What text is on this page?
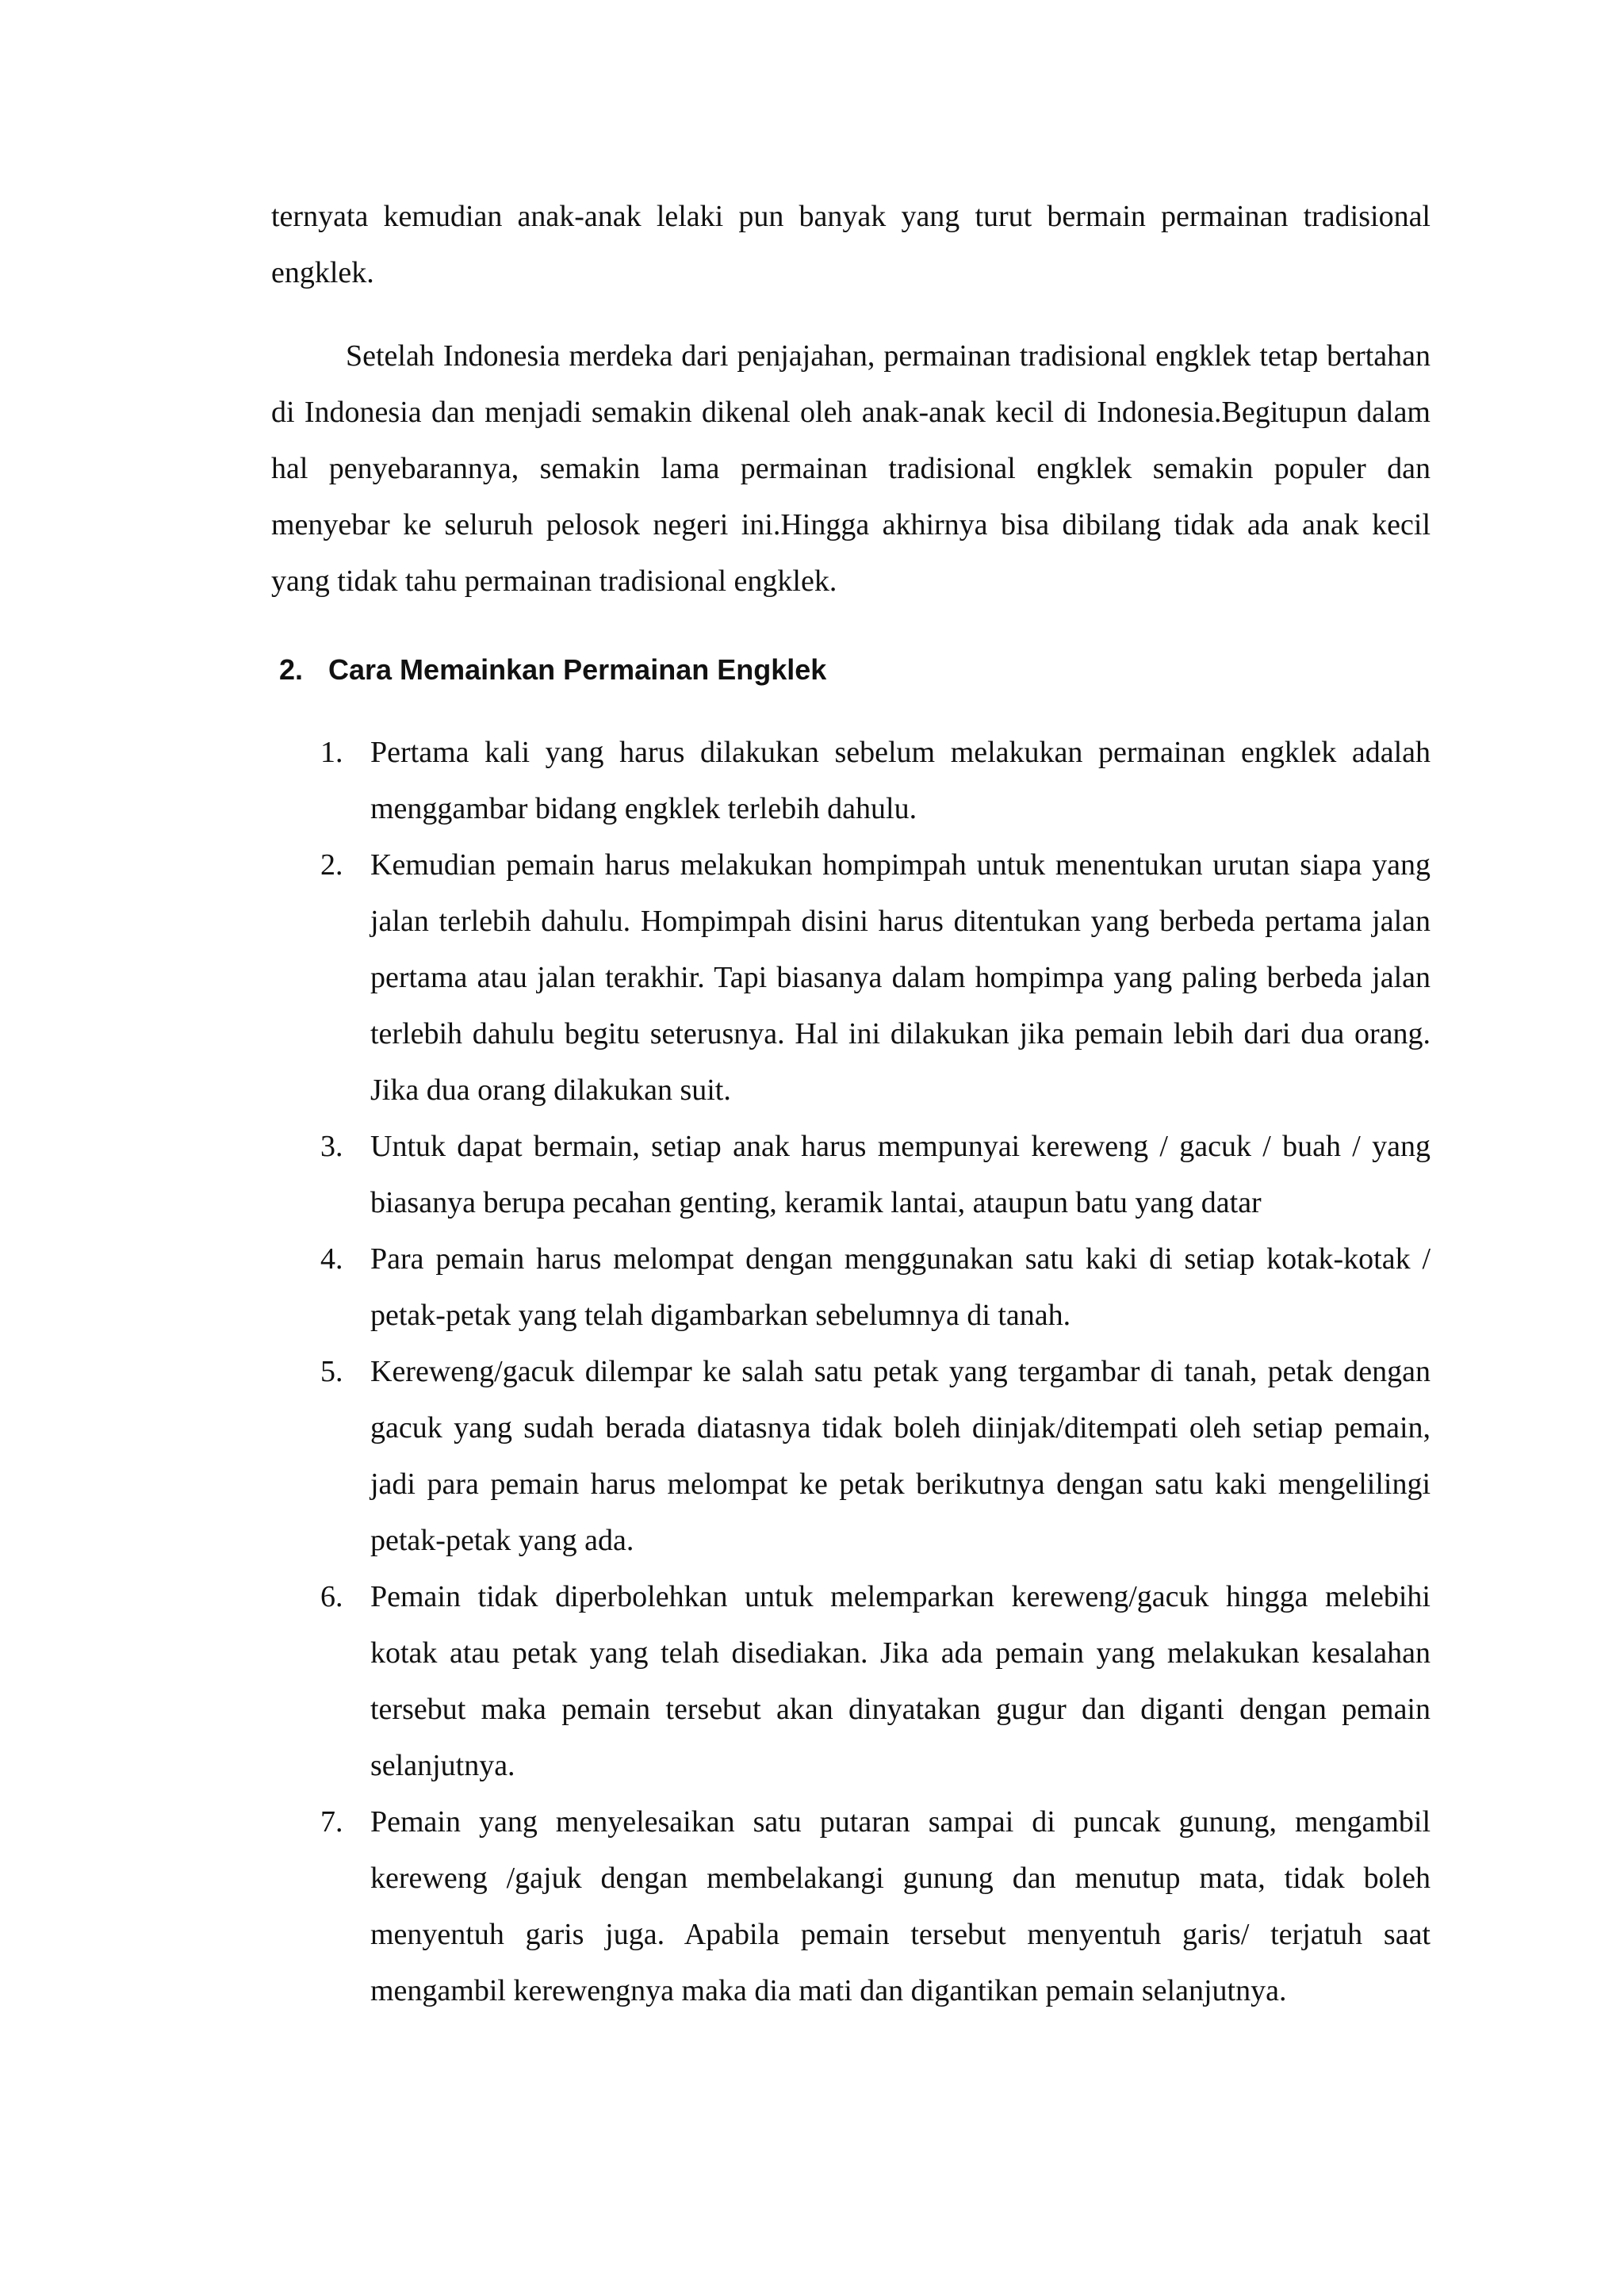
ternyata kemudian anak-anak lelaki pun banyak yang turut bermain permainan tradisional engklek.

Setelah Indonesia merdeka dari penjajahan, permainan tradisional engklek tetap bertahan di Indonesia dan menjadi semakin dikenal oleh anak-anak kecil di Indonesia.Begitupun dalam hal penyebarannya, semakin lama permainan tradisional engklek semakin populer dan menyebar ke seluruh pelosok negeri ini.Hingga akhirnya bisa dibilang tidak ada anak kecil yang tidak tahu permainan tradisional engklek.

2. Cara Memainkan Permainan Engklek
1. Pertama kali yang harus dilakukan sebelum melakukan permainan engklek adalah menggambar bidang engklek terlebih dahulu.
2. Kemudian pemain harus melakukan hompimpah untuk menentukan urutan siapa yang jalan terlebih dahulu. Hompimpah disini harus ditentukan yang berbeda pertama jalan pertama atau jalan terakhir. Tapi biasanya dalam hompimpa yang paling berbeda jalan terlebih dahulu begitu seterusnya. Hal ini dilakukan jika pemain lebih dari dua orang. Jika dua orang dilakukan suit.
3. Untuk dapat bermain, setiap anak harus mempunyai kereweng / gacuk / buah / yang biasanya berupa pecahan genting, keramik lantai, ataupun batu yang datar
4. Para pemain harus melompat dengan menggunakan satu kaki di setiap kotak-kotak / petak-petak yang telah digambarkan sebelumnya di tanah.
5. Kereweng/gacuk dilempar ke salah satu petak yang tergambar di tanah, petak dengan gacuk yang sudah berada diatasnya tidak boleh diinjak/ditempati oleh setiap pemain, jadi para pemain harus melompat ke petak berikutnya dengan satu kaki mengelilingi petak-petak yang ada.
6. Pemain tidak diperbolehkan untuk melemparkan kereweng/gacuk hingga melebihi kotak atau petak yang telah disediakan. Jika ada pemain yang melakukan kesalahan tersebut maka pemain tersebut akan dinyatakan gugur dan diganti dengan pemain selanjutnya.
7. Pemain yang menyelesaikan satu putaran sampai di puncak gunung, mengambil kereweng /gajuk dengan membelakangi gunung dan menutup mata, tidak boleh menyentuh garis juga. Apabila pemain tersebut menyentuh garis/ terjatuh saat mengambil kerewengnya maka dia mati dan digantikan pemain selanjutnya.
